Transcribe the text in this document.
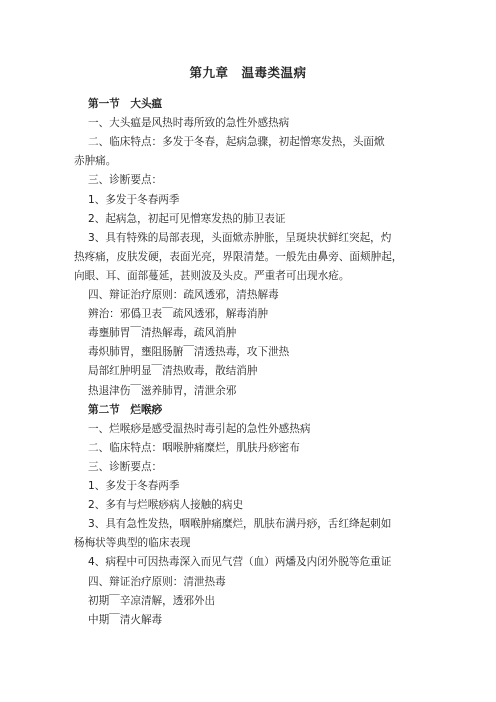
第九章　温毒类温病
第一节　大头瘟
一、大头瘟是风热时毒所致的急性外感热病
二、临床特点：多发于冬春，起病急骤，初起憎寒发热，头面焮
赤肿痛。
三、诊断要点：
1、多发于冬春两季
2、起病急，初起可见憎寒发热的肺卫表证
3、具有特殊的局部表现，头面焮赤肿胀，呈斑块状鲜红突起，灼
热疼痛，皮肤发硬，表面光亮，界限清楚。一般先由鼻旁、面颊肿起，
向眼、耳、面部蔓延，甚则波及头皮。严重者可出现水疮。
四、辩证治疗原则：疏风透邪，清热解毒
辨治：邪僞卫表￣疏风透邪，解毒消肿
毒壅肺胃￣清热解毒，疏风消肿
毒炽肺胃，壅阻肠腑￣清透热毒，攻下泄热
局部红肿明显￣清热败毒，散结消肿
热退津伤￣滋养肺胃，清泄余邪
第二节　烂喉痧
一、烂喉痧是感受温热时毒引起的急性外感热病
二、临床特点：咽喉肿痛糜烂，肌肤丹痧密布
三、诊断要点：
1、多发于冬春两季
2、多有与烂喉痧病人接触的病史
3、具有急性发热，咽喉肿痛糜烂，肌肤布满丹痧，舌红绛起刺如
杨梅状等典型的临床表现
4、病程中可因热毒深入而见气营（血）两燔及内闭外脱等危重证
四、辩证治疗原则：清泄热毒
初期￣辛凉清解，透邪外出
中期￣清火解毒
